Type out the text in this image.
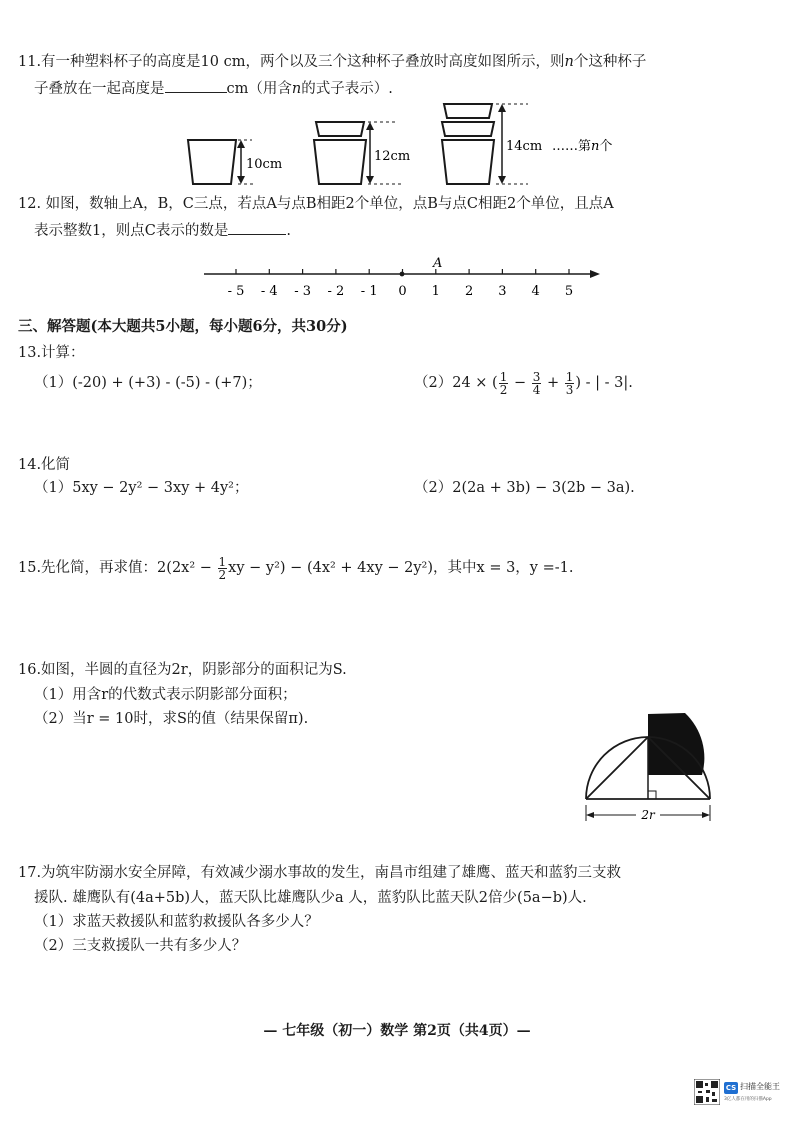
11.有一种塑料杯子的高度是10 cm，两个以及三个这种杯子叠放时高度如图所示，则n个这种杯子
子叠放在一起高度是	cm（用含n的式子表示）.
10cm
12cm
14cm ……第n个
12. 如图，数轴上A，B，C三点，若点A与点B相距2个单位，点B与点C相距2个单位，且点A
表示整数1，则点C表示的数是	.
A
- 5 - 4 - 3 - 2 - 1 0 1 2 3 4 5
三、解答题(本大题共5小题，每小题6分，共30分)
13.计算：
（1）(-20) + (+3) - (-5) - (+7)；	（2）24 × ( $\frac{1}{2} - \frac{3}{4} + \frac{1}{3}$ ) - | - 3|.
14.化简
（1）5xy − 2y² − 3xy + 4y²；	（2）2(2a + 3b) − 3(2b − 3a).
15.先化简，再求值：$2(2x^2 - \frac{1}{2}$ xy − y²) − (4x² + 4xy − 2y²)，其中x = 3，y =-1.
16.如图，半圆的直径为2r，阴影部分的面积记为S.
（1）用含r的代数式表示阴影部分面积；
（2）当r = 10时，求S的值（结果保留π).
2r
17.为筑牢防溺水安全屏障，有效减少溺水事故的发生，南昌市组建了雄鹰、蓝天和蓝豹三支救
援队. 雄鹰队有(4a+5b)人，蓝天队比雄鹰队少a 人，蓝豹队比蓝天队2倍少(5a−b)人.
（1）求蓝天救援队和蓝豹救援队各多少人？
（2）三支救援队一共有多少人？
— 七年级（初一）数学 第2页（共4页）—
CS 扫描全能王
3亿人都在用的扫描App
